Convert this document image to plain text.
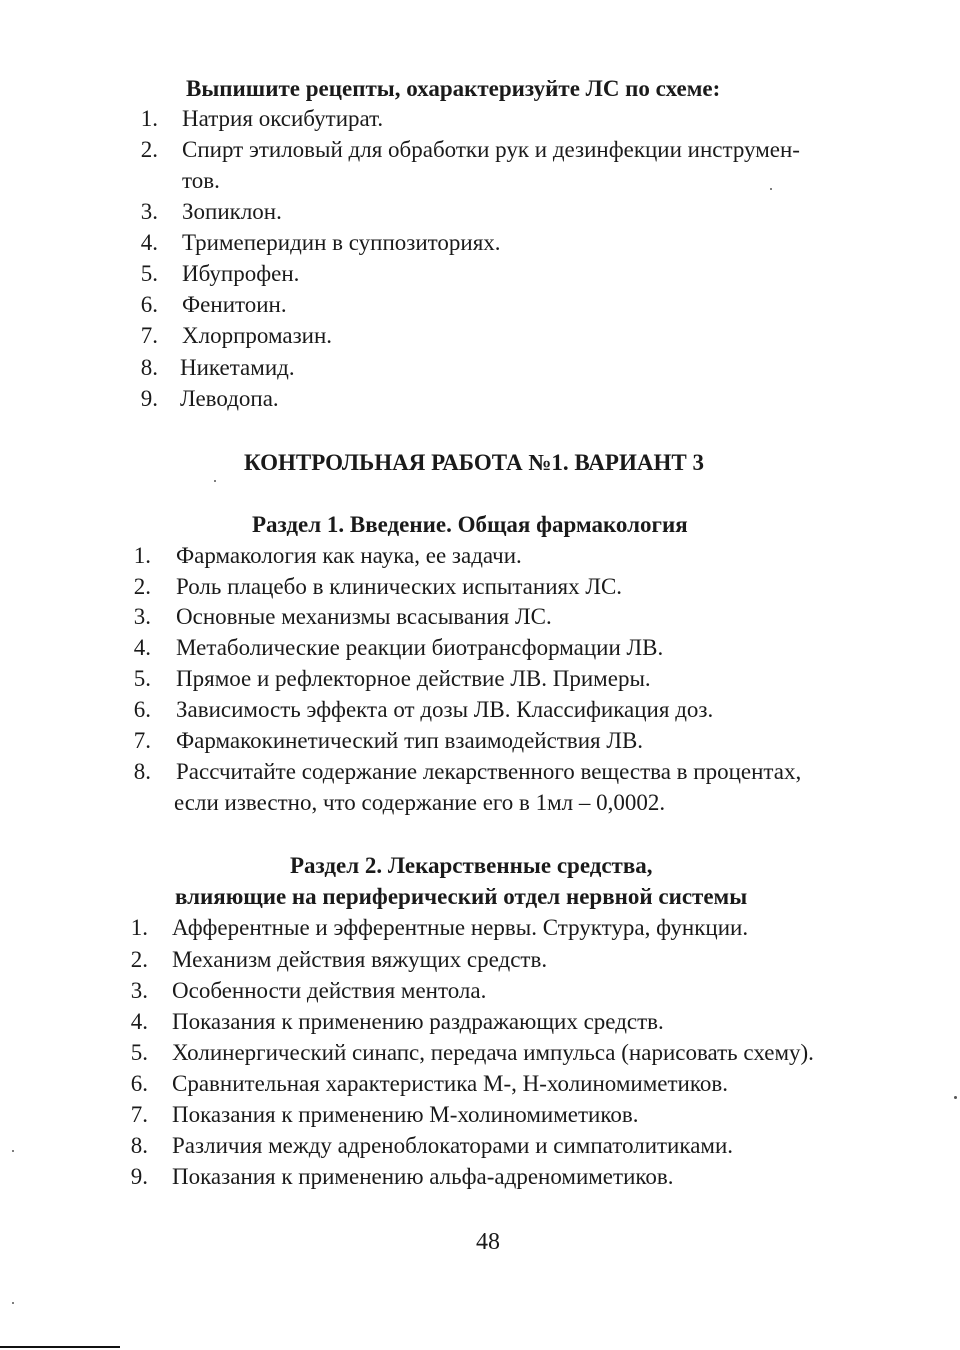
Выпишите рецепты, охарактеризуйте ЛС по схеме:
1. Натрия оксибутират.
2. Спирт этиловый для обработки рук и дезинфекции инструмен-
тов.
3. Зопиклон.
4. Тримеперидин в суппозиториях.
5. Ибупрофен.
6. Фенитоин.
7. Хлорпромазин.
8. Никетамид.
9. Леводопа.
КОНТРОЛЬНАЯ РАБОТА №1. ВАРИАНТ 3
Раздел 1. Введение. Общая фармакология
1. Фармакология как наука, ее задачи.
2. Роль плацебо в клинических испытаниях ЛС.
3. Основные механизмы всасывания ЛС.
4. Метаболические реакции биотрансформации ЛВ.
5. Прямое и рефлекторное действие ЛВ. Примеры.
6. Зависимость эффекта от дозы ЛВ. Классификация доз.
7. Фармакокинетический тип взаимодействия ЛВ.
8. Рассчитайте содержание лекарственного вещества в процентах,
если известно, что содержание его в 1мл – 0,0002.
Раздел 2. Лекарственные средства,
влияющие на периферический отдел нервной системы
1. Афферентные и эфферентные нервы. Структура, функции.
2. Механизм действия вяжущих средств.
3. Особенности действия ментола.
4. Показания к применению раздражающих средств.
5. Холинергический синапс, передача импульса (нарисовать схему).
6. Сравнительная характеристика М-, Н-холиномиметиков.
7. Показания к применению М-холиномиметиков.
8. Различия между адреноблокаторами и симпатолитиками.
9. Показания к применению альфа-адреномиметиков.
48
